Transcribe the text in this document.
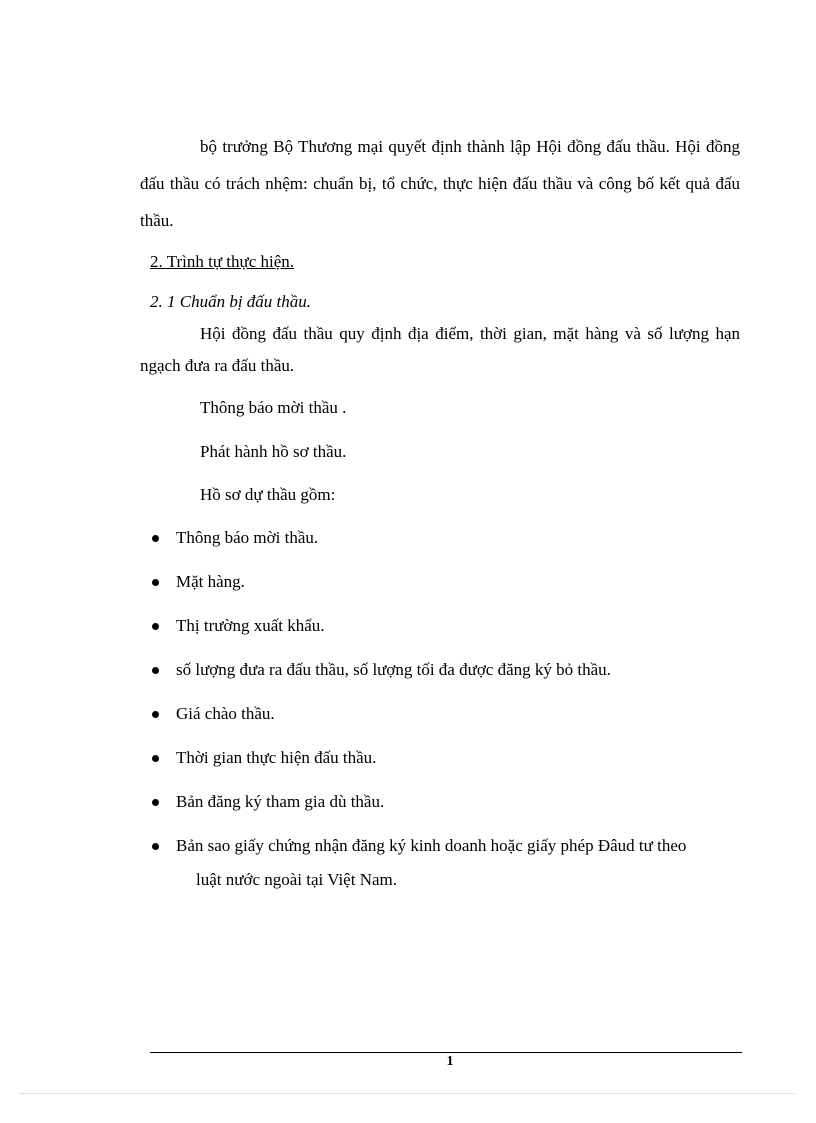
bộ trưởng Bộ Thương mại quyết định thành lập Hội đồng đấu thầu. Hội đồng đấu thầu có trách nhệm: chuẩn bị, tổ chức, thực hiện đấu thầu và công bố kết quả đấu thầu.

2. Trình tự thực hiện.

2. 1 Chuẩn bị đấu thầu.

Hội đồng đấu thầu quy định địa điểm, thời gian, mặt hàng và số lượng hạn ngạch đưa ra đấu thầu.

Thông báo mời thầu .

Phát hành hồ sơ thầu.

Hồ sơ dự thầu gồm:

Thông báo mời thầu.
Mặt hàng.
Thị trường xuất khẩu.
số lượng đưa ra đấu thầu, số lượng tối đa được đăng ký bỏ thầu.
Giá chào thầu.
Thời gian thực hiện đấu thầu.
Bản đăng ký tham gia dù thầu.
Bản sao giấy chứng nhận đăng ký kinh doanh hoặc giấy phép Đâud tư theo
luật nước ngoài tại Việt Nam.
1
